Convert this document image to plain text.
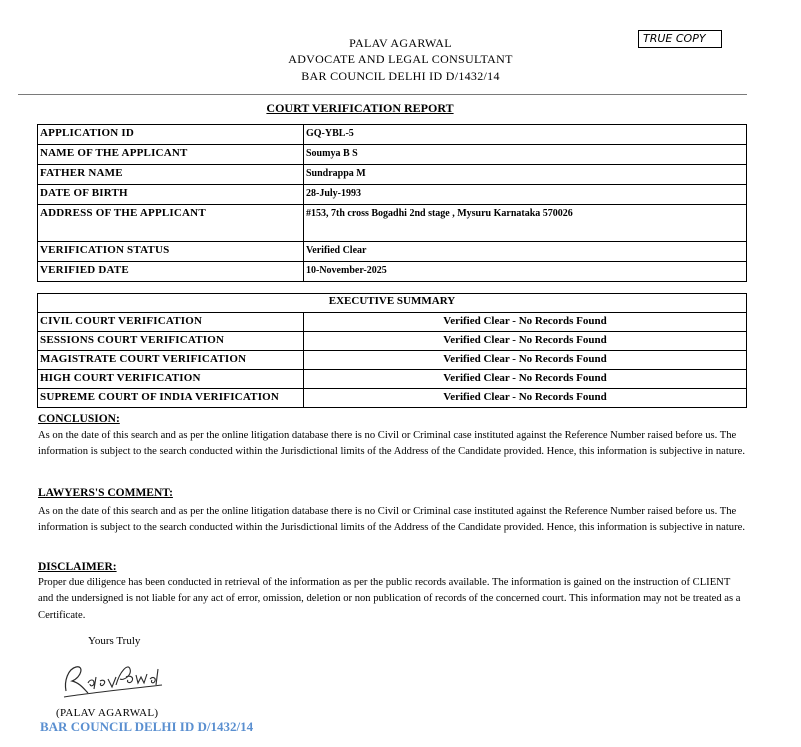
PALAV AGARWAL
ADVOCATE AND LEGAL CONSULTANT
BAR COUNCIL DELHI ID D/1432/14
TRUE COPY
COURT VERIFICATION REPORT
APPLICATION ID	GQ-YBL-5
NAME OF THE APPLICANT	Soumya B S
FATHER NAME	Sundrappa M
DATE OF BIRTH	28-July-1993
ADDRESS OF THE APPLICANT	#153, 7th cross Bogadhi 2nd stage , Mysuru Karnataka 570026
VERIFICATION STATUS	Verified Clear
VERIFIED DATE	10-November-2025
EXECUTIVE SUMMARY	
CIVIL COURT VERIFICATION	Verified Clear - No Records Found
SESSIONS COURT VERIFICATION	Verified Clear - No Records Found
MAGISTRATE COURT VERIFICATION	Verified Clear - No Records Found
HIGH COURT VERIFICATION	Verified Clear - No Records Found
SUPREME COURT OF INDIA VERIFICATION	Verified Clear - No Records Found
CONCLUSION:
As on the date of this search and as per the online litigation database there is no Civil or Criminal case instituted against the Reference Number raised before us. The information is subject to the search conducted within the Jurisdictional limits of the Address of the Candidate provided. Hence, this information is subjective in nature.
LAWYERS'S COMMENT:
As on the date of this search and as per the online litigation database there is no Civil or Criminal case instituted against the Reference Number raised before us. The information is subject to the search conducted within the Jurisdictional limits of the Address of the Candidate provided. Hence, this information is subjective in nature.
DISCLAIMER:
Proper due diligence has been conducted in retrieval of the information as per the public records available. The information is gained on the instruction of CLIENT and the undersigned is not liable for any act of error, omission, deletion or non publication of records of the concerned court. This information may not be treated as a Certificate.
Yours Truly
(PALAV AGARWAL)
BAR COUNCIL DELHI ID D/1432/14
